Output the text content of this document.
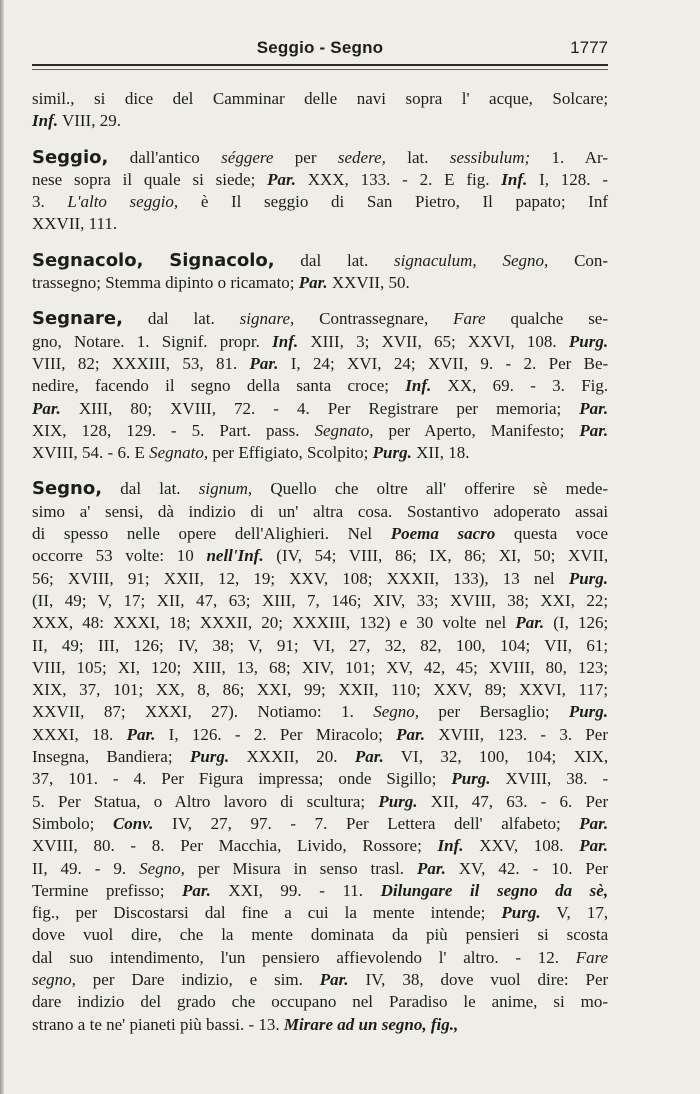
Seggio - Segno	1777
simil., si dice del Camminar delle navi sopra l' acque, Solcare;
Inf. VIII, 29.
Seggio, dall'antico séggere per sedere, lat. sessibulum; 1. Ar-
nese sopra il quale si siede; Par. XXX, 133. - 2. E fig. Inf. I, 128. -
3. L'alto seggio, è Il seggio di San Pietro, Il papato; Inf
XXVII, 111.
Segnacolo, Signacolo, dal lat. signaculum, Segno, Con-
trassegno; Stemma dipinto o ricamato; Par. XXVII, 50.
Segnare, dal lat. signare, Contrassegnare, Fare qualche se-
gno, Notare. 1. Signif. propr. Inf. XIII, 3; XVII, 65; XXVI, 108. Purg.
VIII, 82; XXXIII, 53, 81. Par. I, 24; XVI, 24; XVII, 9. - 2. Per Be-
nedire, facendo il segno della santa croce; Inf. XX, 69. - 3. Fig.
Par. XIII, 80; XVIII, 72. - 4. Per Registrare per memoria; Par.
XIX, 128, 129. - 5. Part. pass. Segnato, per Aperto, Manifesto; Par.
XVIII, 54. - 6. E Segnato, per Effigiato, Scolpito; Purg. XII, 18.
Segno, dal lat. signum, Quello che oltre all' offerire sè mede-
simo a' sensi, dà indizio di un' altra cosa. Sostantivo adoperato assai
di spesso nelle opere dell'Alighieri. Nel Poema sacro questa voce
occorre 53 volte: 10 nell'Inf. (IV, 54; VIII, 86; IX, 86; XI, 50; XVII,
56; XVIII, 91; XXII, 12, 19; XXV, 108; XXXII, 133), 13 nel Purg.
(II, 49; V, 17; XII, 47, 63; XIII, 7, 146; XIV, 33; XVIII, 38; XXI, 22;
XXX, 48: XXXI, 18; XXXII, 20; XXXIII, 132) e 30 volte nel Par. (I, 126;
II, 49; III, 126; IV, 38; V, 91; VI, 27, 32, 82, 100, 104; VII, 61;
VIII, 105; XI, 120; XIII, 13, 68; XIV, 101; XV, 42, 45; XVIII, 80, 123;
XIX, 37, 101; XX, 8, 86; XXI, 99; XXII, 110; XXV, 89; XXVI, 117;
XXVII, 87; XXXI, 27). Notiamo: 1. Segno, per Bersaglio; Purg.
XXXI, 18. Par. I, 126. - 2. Per Miracolo; Par. XVIII, 123. - 3. Per
Insegna, Bandiera; Purg. XXXII, 20. Par. VI, 32, 100, 104; XIX,
37, 101. - 4. Per Figura impressa; onde Sigillo; Purg. XVIII, 38. -
5. Per Statua, o Altro lavoro di scultura; Purg. XII, 47, 63. - 6. Per
Simbolo; Conv. IV, 27, 97. - 7. Per Lettera dell' alfabeto; Par.
XVIII, 80. - 8. Per Macchia, Livido, Rossore; Inf. XXV, 108. Par.
II, 49. - 9. Segno, per Misura in senso trasl. Par. XV, 42. - 10. Per
Termine prefisso; Par. XXI, 99. - 11. Dilungare il segno da sè,
fig., per Discostarsi dal fine a cui la mente intende; Purg. V, 17,
dove vuol dire, che la mente dominata da più pensieri si scosta
dal suo intendimento, l'un pensiero affievolendo l' altro. - 12. Fare
segno, per Dare indizio, e sim. Par. IV, 38, dove vuol dire: Per
dare indizio del grado che occupano nel Paradiso le anime, si mo-
strano a te ne' pianeti più bassi. - 13. Mirare ad un segno, fig.,
